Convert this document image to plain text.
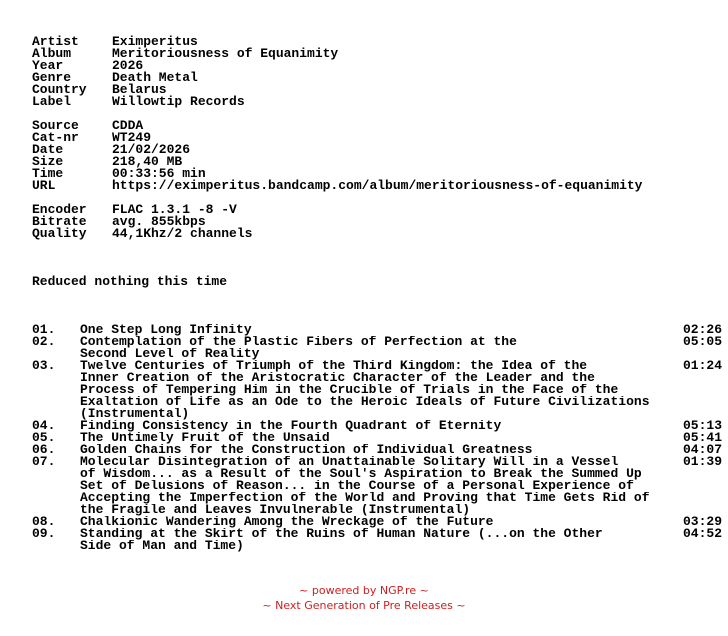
Artist	Eximperitus
Album	Meritoriousness of Equanimity
Year	2026
Genre	Death Metal
Country	Belarus
Label	Willowtip Records
Source	CDDA
Cat-nr	WT249
Date	21/02/2026
Size	218,40 MB
Time	00:33:56 min
URL	https://eximperitus.bandcamp.com/album/meritoriousness-of-equanimity
Encoder	FLAC 1.3.1 -8 -V
Bitrate	avg. 855kbps
Quality	44,1Khz/2 channels
Reduced nothing this time
01.	One Step Long Infinity	02:26
02.	Contemplation of the Plastic Fibers of Perfection at the	05:05
Second Level of Reality
03.	Twelve Centuries of Triumph of the Third Kingdom: the Idea of the	01:24
Inner Creation of the Aristocratic Character of the Leader and the
Process of Tempering Him in the Crucible of Trials in the Face of the
Exaltation of Life as an Ode to the Heroic Ideals of Future Civilizations
(Instrumental)
04.	Finding Consistency in the Fourth Quadrant of Eternity	05:13
05.	The Untimely Fruit of the Unsaid	05:41
06.	Golden Chains for the Construction of Individual Greatness	04:07
07.	Molecular Disintegration of an Unattainable Solitary Will in a Vessel	01:39
of Wisdom... as a Result of the Soul's Aspiration to Break the Summed Up
Set of Delusions of Reason... in the Course of a Personal Experience of
Accepting the Imperfection of the World and Proving that Time Gets Rid of
the Fragile and Leaves Invulnerable (Instrumental)
08.	Chalkionic Wandering Among the Wreckage of the Future	03:29
09.	Standing at the Skirt of the Ruins of Human Nature (...on the Other	04:52
Side of Man and Time)
~ powered by NGP.re ~
~ Next Generation of Pre Releases ~
